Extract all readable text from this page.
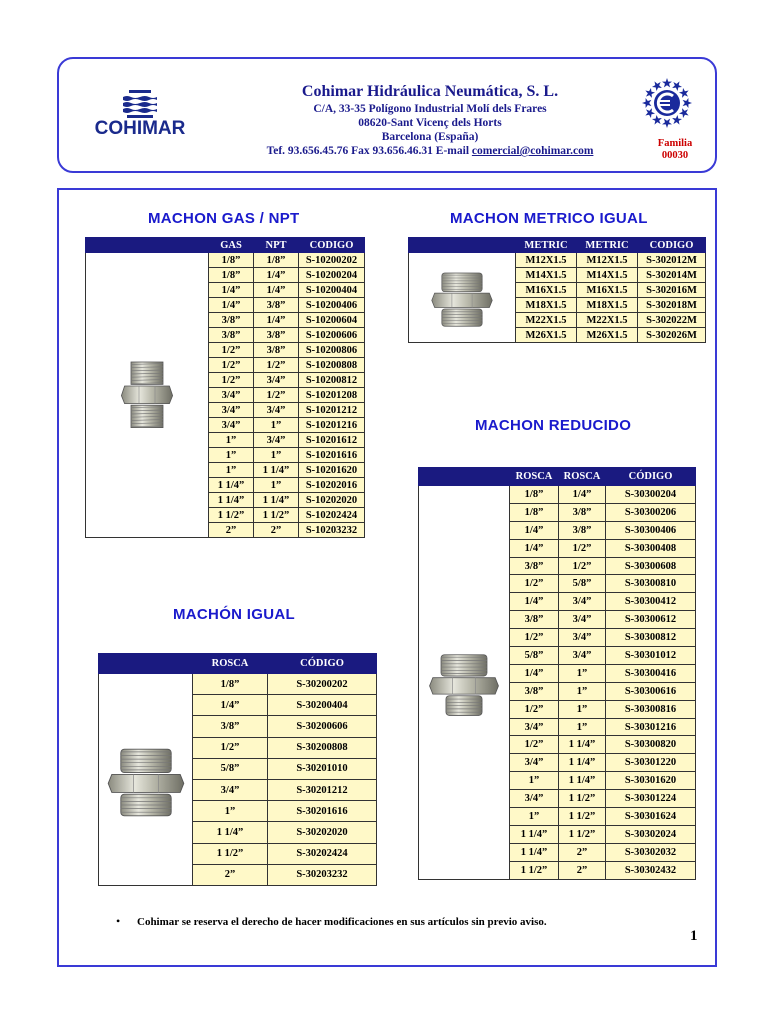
COHIMAR
Cohimar Hidráulica Neumática, S. L.
C/A, 33-35 Polígono Industrial Molí dels Frares
08620-Sant Vicenç dels Horts
Barcelona (España)
Tef. 93.656.45.76 Fax 93.656.46.31 E-mail comercial@cohimar.com
Familia
00030
MACHON GAS / NPT
	GAS	NPT	CODIGO
	1/8”	1/8”	S-10200202
	1/8”	1/4”	S-10200204
	1/4”	1/4”	S-10200404
	1/4”	3/8”	S-10200406
	3/8”	1/4”	S-10200604
	3/8”	3/8”	S-10200606
	1/2”	3/8”	S-10200806
	1/2”	1/2”	S-10200808
	1/2”	3/4”	S-10200812
	3/4”	1/2”	S-10201208
	3/4”	3/4”	S-10201212
	3/4”	1”	S-10201216
	1”	3/4”	S-10201612
	1”	1”	S-10201616
	1”	1 1/4”	S-10201620
	1 1/4”	1”	S-10202016
	1 1/4”	1 1/4”	S-10202020
	1 1/2”	1 1/2”	S-10202424
	2”	2”	S-10203232
MACHON METRICO IGUAL
	METRIC	METRIC	CODIGO
	M12X1.5	M12X1.5	S-302012M
	M14X1.5	M14X1.5	S-302014M
	M16X1.5	M16X1.5	S-302016M
	M18X1.5	M18X1.5	S-302018M
	M22X1.5	M22X1.5	S-302022M
	M26X1.5	M26X1.5	S-302026M
MACHON REDUCIDO
	ROSCA	ROSCA	CÓDIGO
	1/8”	1/4”	S-30300204
	1/8”	3/8”	S-30300206
	1/4”	3/8”	S-30300406
	1/4”	1/2”	S-30300408
	3/8”	1/2”	S-30300608
	1/2”	5/8”	S-30300810
	1/4”	3/4”	S-30300412
	3/8”	3/4”	S-30300612
	1/2”	3/4”	S-30300812
	5/8”	3/4”	S-30301012
	1/4”	1”	S-30300416
	3/8”	1”	S-30300616
	1/2”	1”	S-30300816
	3/4”	1”	S-30301216
	1/2”	1 1/4”	S-30300820
	3/4”	1 1/4”	S-30301220
	1”	1 1/4”	S-30301620
	3/4”	1 1/2”	S-30301224
	1”	1 1/2”	S-30301624
	1 1/4”	1 1/2”	S-30302024
	1 1/4”	2”	S-30302032
	1 1/2”	2”	S-30302432
MACHÓN IGUAL
	ROSCA	CÓDIGO
	1/8”	S-30200202
	1/4”	S-30200404
	3/8”	S-30200606
	1/2”	S-30200808
	5/8”	S-30201010
	3/4”	S-30201212
	1”	S-30201616
	1 1/4”	S-30202020
	1 1/2”	S-30202424
	2”	S-30203232
• Cohimar se reserva el derecho de hacer modificaciones en sus artículos sin previo aviso.
1
